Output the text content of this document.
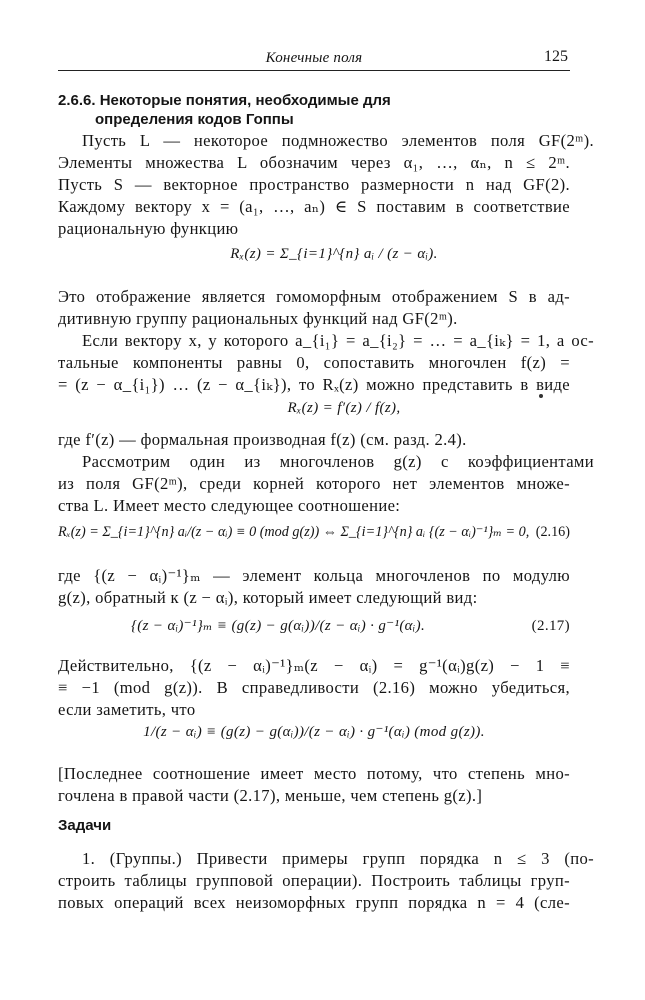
Конечные поля	125
2.6.6. Некоторые понятия, необходимые для
определения кодов Гоппы
Пусть L — некоторое подмножество элементов поля GF(2ᵐ).
Элементы множества L обозначим через α₁, …, αₙ, n ≤ 2ᵐ.
Пусть S — векторное пространство размерности n над GF(2).
Каждому вектору x = (a₁, …, aₙ) ∈ S поставим в соответствие
рациональную функцию
Rₓ(z) = Σ_{i=1}^{n} aᵢ / (z − αᵢ).
Это отображение является гомоморфным отображением S в ад-
дитивную группу рациональных функций над GF(2ᵐ).
Если вектору x, у которого a_{i₁} = a_{i₂} = … = a_{iₖ} = 1, а ос-
тальные компоненты равны 0, сопоставить многочлен f(z) =
= (z − α_{i₁}) … (z − α_{iₖ}), то Rₓ(z) можно представить в виде
Rₓ(z) = f′(z) / f(z),
где f′(z) — формальная производная f(z) (см. разд. 2.4).
Рассмотрим один из многочленов g(z) с коэффициентами
из поля GF(2ᵐ), среди корней которого нет элементов множе-
ства L. Имеет место следующее соотношение:
Rₓ(z) = Σ_{i=1}^{n} aᵢ/(z − αᵢ) ≡ 0 (mod g(z)) ⇔ Σ_{i=1}^{n} aᵢ {(z − αᵢ)⁻¹}ₘ = 0, (2.16)
где {(z − αᵢ)⁻¹}ₘ — элемент кольца многочленов по модулю
g(z), обратный к (z − αᵢ), который имеет следующий вид:
{(z − αᵢ)⁻¹}ₘ ≡ (g(z) − g(αᵢ))/(z − αᵢ) · g⁻¹(αᵢ).	(2.17)
Действительно, {(z − αᵢ)⁻¹}ₘ(z − αᵢ) = g⁻¹(αᵢ)g(z) − 1 ≡
≡ −1 (mod g(z)). В справедливости (2.16) можно убедиться,
если заметить, что
1/(z − αᵢ) ≡ (g(z) − g(αᵢ))/(z − αᵢ) · g⁻¹(αᵢ) (mod g(z)).
[Последнее соотношение имеет место потому, что степень мно-
гочлена в правой части (2.17), меньше, чем степень g(z).]
Задачи
1. (Группы.) Привести примеры групп порядка n ≤ 3 (по-
строить таблицы групповой операции). Построить таблицы груп-
повых операций всех неизоморфных групп порядка n = 4 (сле-
